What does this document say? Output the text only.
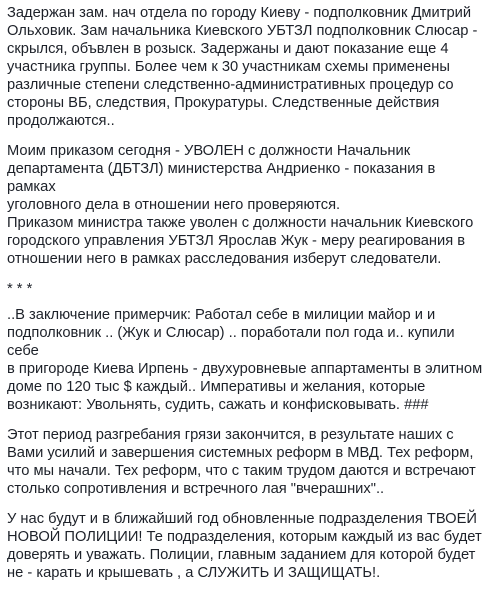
Задержан зам. нач отдела по городу Киеву - подполковник Дмитрий
Ольховик. Зам начальника Киевского УБТЗЛ подполковник Слюсар -
скрылся, объвлен в розыск. Задержаны и дают показание еще 4
участника группы. Более чем к 30 участникам схемы применены
различные степени следственно-административных процедур со
стороны ВБ, следствия, Прокуратуры. Следственные действия
продолжаются..

Моим приказом сегодня - УВОЛЕН с должности Начальник
департамента (ДБТЗЛ) министерства Андриенко - показания в рамках
уголовного дела в отношении него проверяются.
Приказом министра также уволен с должности начальник Киевского
городского управления УБТЗЛ Ярослав Жук - меру реагирования в
отношении него в рамках расследования изберут следователи.

* * *

..В заключение примерчик: Работал себе в милиции майор и и
подполковник .. (Жук и Слюсар) .. поработали пол года и.. купили себе
в пригороде Киева Ирпень - двухуровневые аппартаменты в элитном
доме по 120 тыс $ каждый.. Императивы и желания, которые
возникают: Увольнять, судить, сажать и конфисковывать. ###

Этот период разгребания грязи закончится, в результате наших с
Вами усилий и завершения системных реформ в МВД. Тех реформ,
что мы начали. Тех реформ, что с таким трудом даются и встречают
столько сопротивления и встречного лая "вчерашних"..

У нас будут и в ближайший год обновленные подразделения ТВОЕЙ
НОВОЙ ПОЛИЦИИ! Те подразделения, которым каждый из вас будет
доверять и уважать. Полиции, главным заданием для которой будет
не - карать и крышевать , а СЛУЖИТЬ И ЗАЩИЩАТЬ!.
